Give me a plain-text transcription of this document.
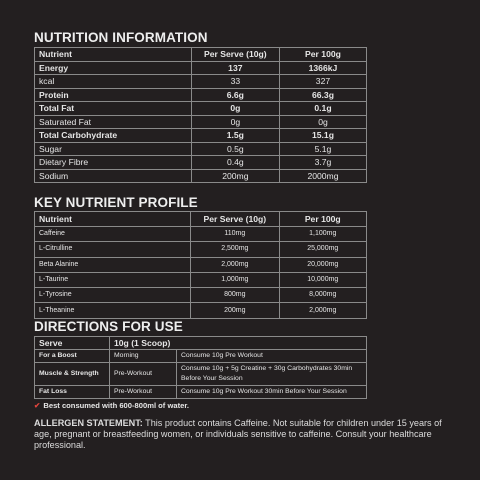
NUTRITION INFORMATION
Nutrient	Per Serve (10g)	Per 100g
Energy	137	1366kJ
kcal	33	327
Protein	6.6g	66.3g
Total Fat	0g	0.1g
Saturated Fat	0g	0g
Total Carbohydrate	1.5g	15.1g
Sugar	0.5g	5.1g
Dietary Fibre	0.4g	3.7g
Sodium	200mg	2000mg
KEY NUTRIENT PROFILE
Nutrient	Per Serve (10g)	Per 100g
Caffeine	110mg	1,100mg
L-Citrulline	2,500mg	25,000mg
Beta Alanine	2,000mg	20,000mg
L-Taurine	1,000mg	10,000mg
L-Tyrosine	800mg	8,000mg
L-Theanine	200mg	2,000mg
DIRECTIONS FOR USE
Serve	10g (1 Scoop)	
For a Boost	Morning	Consume 10g Pre Workout
Muscle & Strength	Pre-Workout	Consume 10g + 5g Creatine + 30g Carbohydrates 30min Before Your Session
Fat Loss	Pre-Workout	Consume 10g Pre Workout 30min Before Your Session
✔ Best consumed with 600-800ml of water.
ALLERGEN STATEMENT: This product contains Caffeine. Not suitable for children under 15 years of age, pregnant or breastfeeding women, or individuals sensitive to caffeine. Consult your healthcare professional.
